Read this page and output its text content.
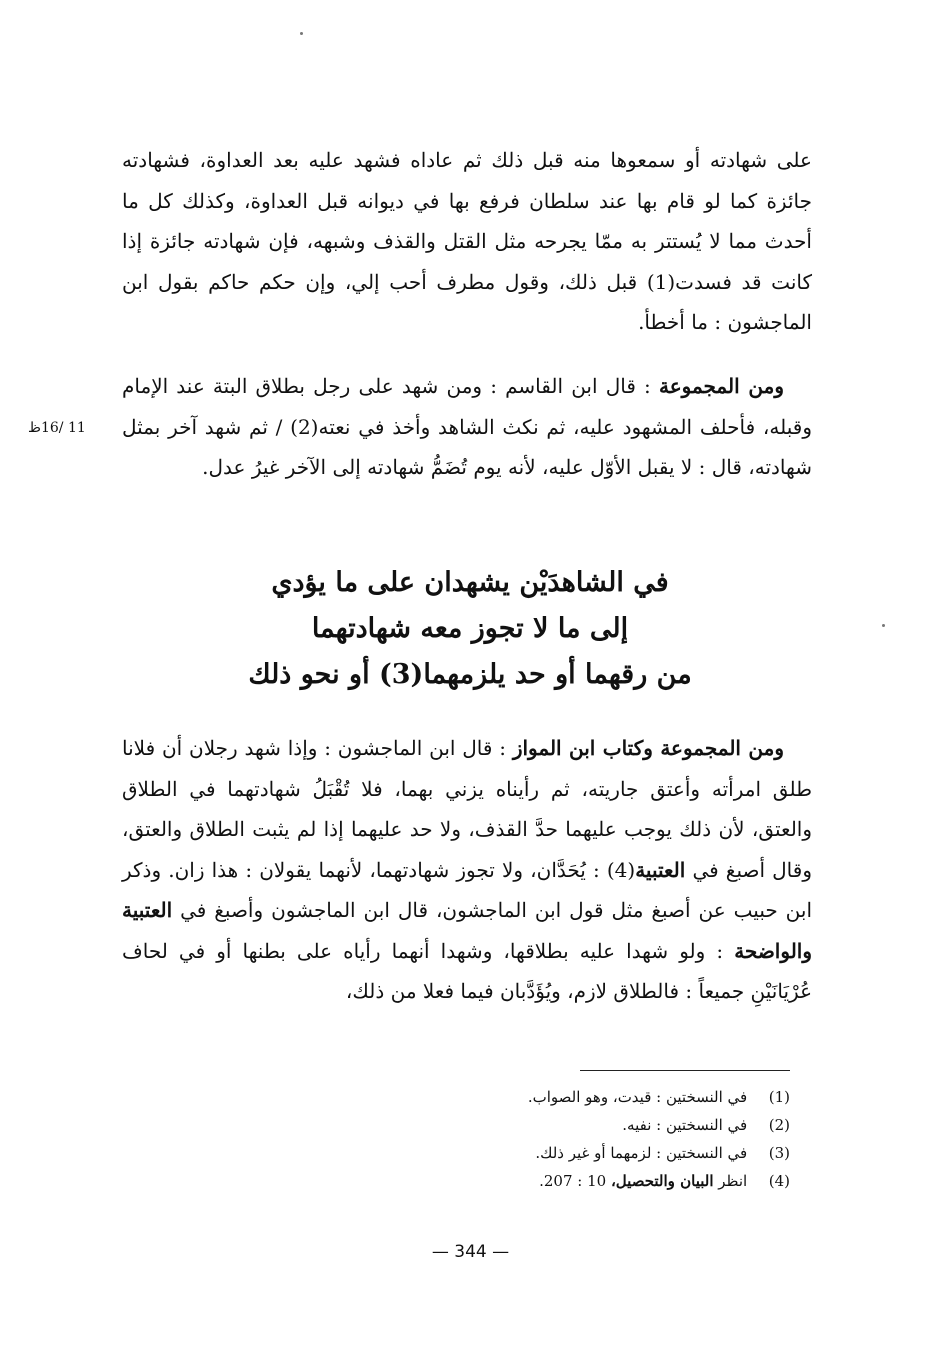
على شهادته أو سمعوها منه قبل ذلك ثم عاداه فشهد عليه بعد العداوة، فشهادته جائزة كما لو قام بها عند سلطان فرفع بها في ديوانه قبل العداوة، وكذلك كل ما أحدث مما لا يُستتر به ممّا يجرحه مثل القتل والقذف وشبهه، فإن شهادته جائزة إذا كانت قد فسدت(1) قبل ذلك، وقول مطرف أحب إلي، وإن حكم حاكم بقول ابن الماجشون : ما أخطأ.
11 /16ظ
ومن المجموعة : قال ابن القاسم : ومن شهد على رجل بطلاق البتة عند الإمام وقبله، فأحلف المشهود عليه، ثم نكث الشاهد وأخذ في نعته(2) / ثم شهد آخر بمثل شهادته، قال : لا يقبل الأوّل عليه، لأنه يوم تُضَمُّ شهادته إلى الآخر غيرُ عدل.
في الشاهدَيْن يشهدان على ما يؤدي
إلى ما لا تجوز معه شهادتهما
من رقهما أو حد يلزمهما(3) أو نحو ذلك
ومن المجموعة وكتاب ابن المواز : قال ابن الماجشون : وإذا شهد رجلان أن فلانا طلق امرأته وأعتق جاريته، ثم رأيناه يزني بهما، فلا تُقْبَلُ شهادتهما في الطلاق والعتق، لأن ذلك يوجب عليهما حدَّ القذف، ولا حد عليهما إذا لم يثبت الطلاق والعتق، وقال أصبغ في العتبية(4) : يُحَدَّان، ولا تجوز شهادتهما، لأنهما يقولان : هذا زان. وذكر ابن حبيب عن أصبغ مثل قول ابن الماجشون، قال ابن الماجشون وأصبغ في العتبية والواضحة : ولو شهدا عليه بطلاقها، وشهدا أنهما رأياه على بطنها أو في لحاف عُرْيَانَيْنِ جميعاً : فالطلاق لازم، ويُؤَدَّبان فيما فعلا من ذلك،
(1) في النسختين : قيدت، وهو الصواب.
(2) في النسختين : نفيه.
(3) في النسختين : لزمهما أو غير ذلك.
(4) انظر البيان والتحصيل، 10 : 207.
— 344 —
